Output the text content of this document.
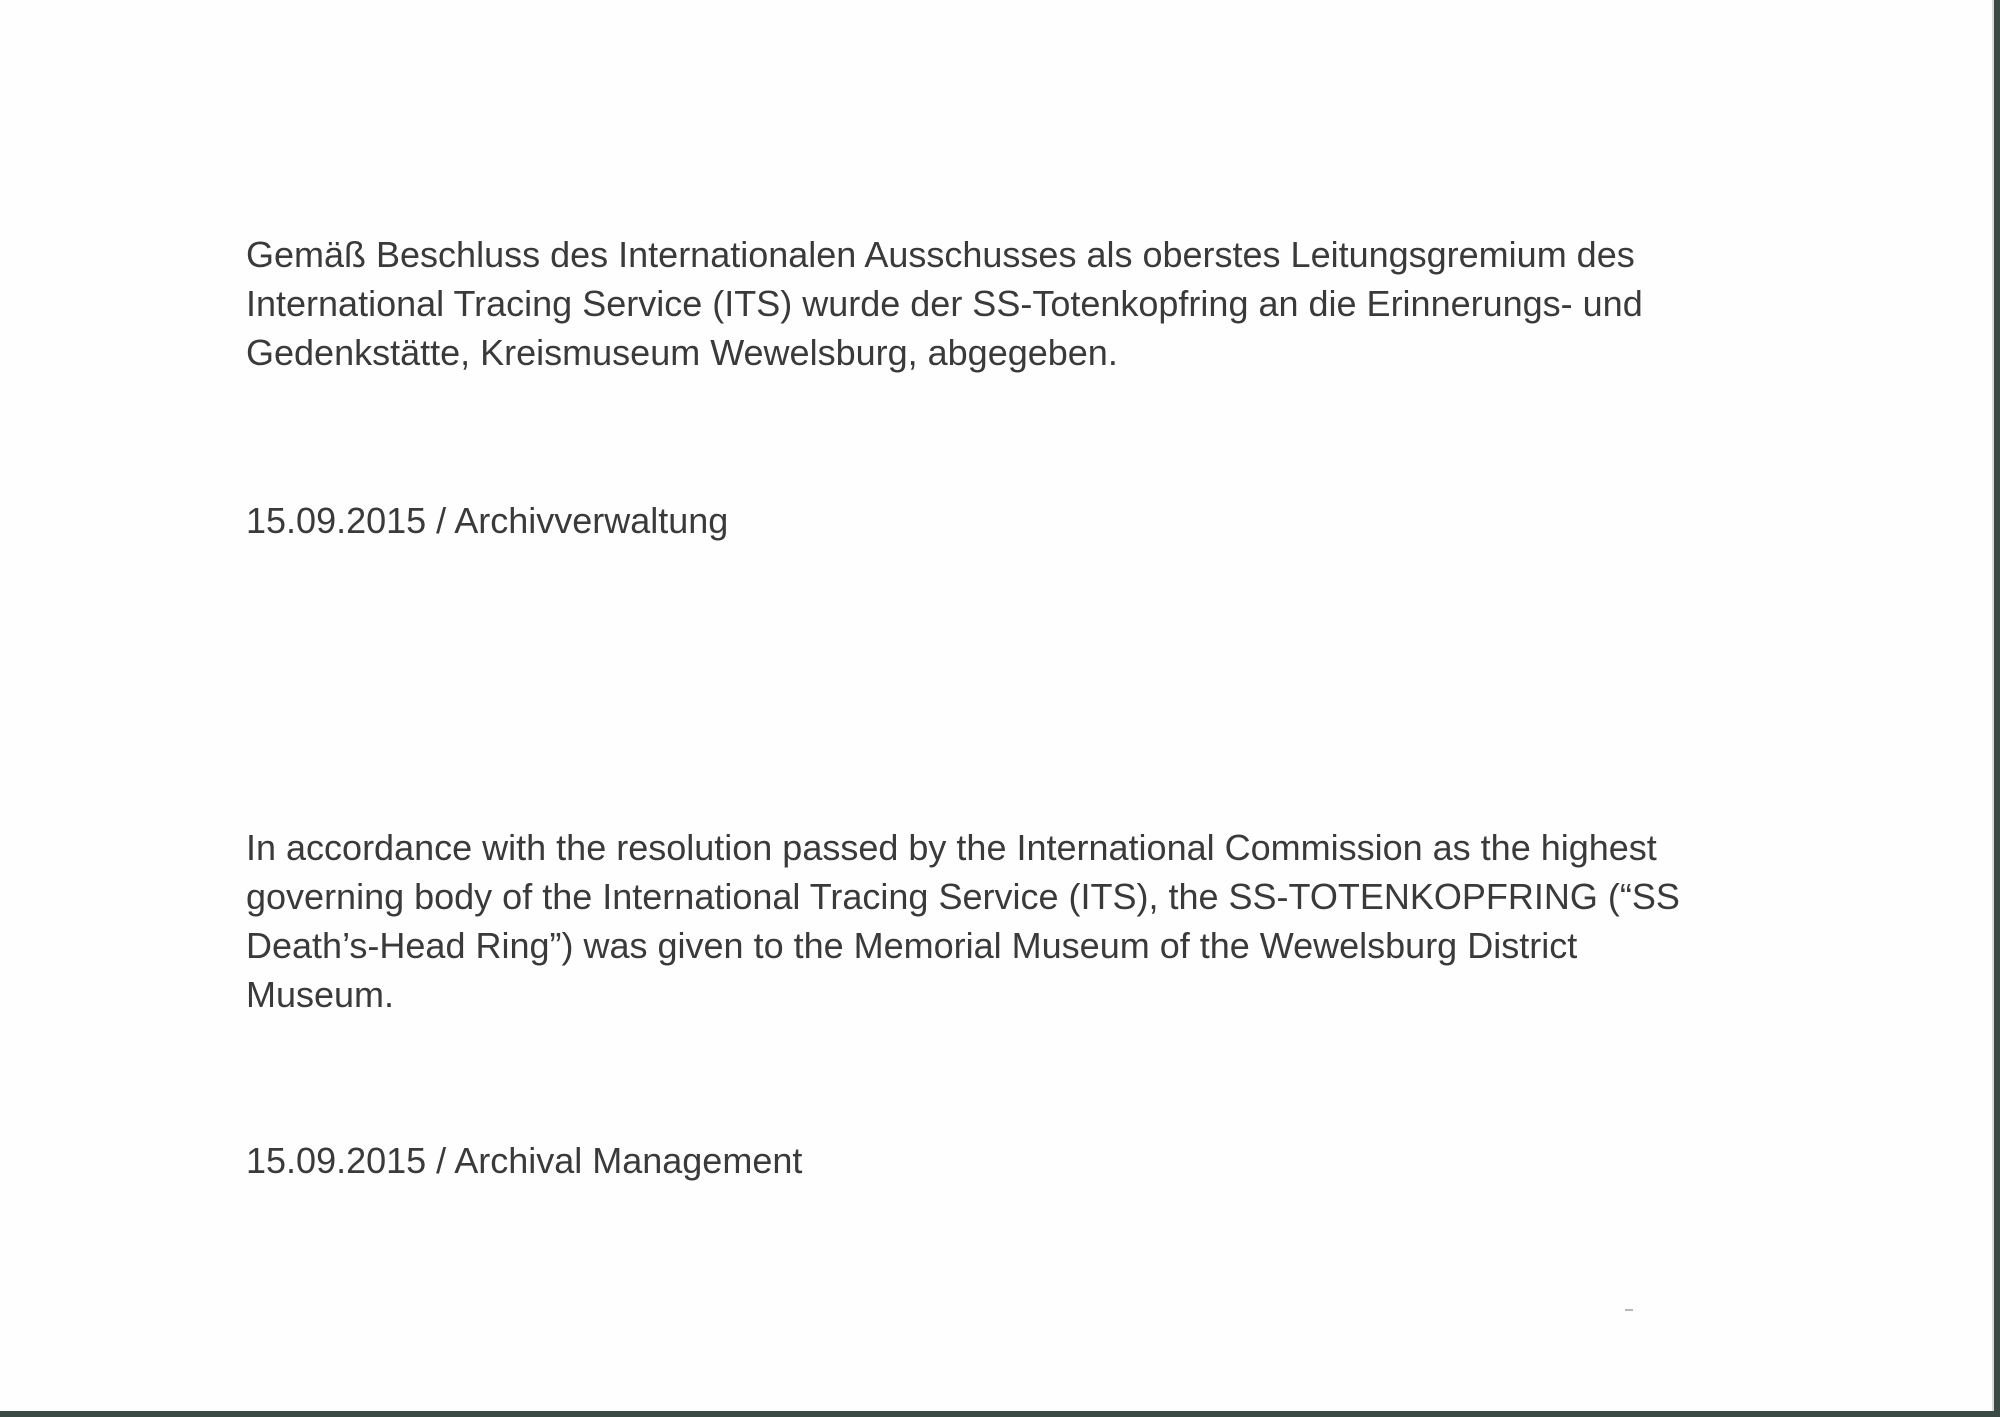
Gemäß Beschluss des Internationalen Ausschusses als oberstes Leitungsgremium des
International Tracing Service (ITS) wurde der SS-Totenkopfring an die Erinnerungs- und
Gedenkstätte, Kreismuseum Wewelsburg, abgegeben.
15.09.2015 / Archivverwaltung
In accordance with the resolution passed by the International Commission as the highest
governing body of the International Tracing Service (ITS), the SS-TOTENKOPFRING (“SS
Death’s-Head Ring”) was given to the Memorial Museum of the Wewelsburg District
Museum.
15.09.2015 / Archival Management
